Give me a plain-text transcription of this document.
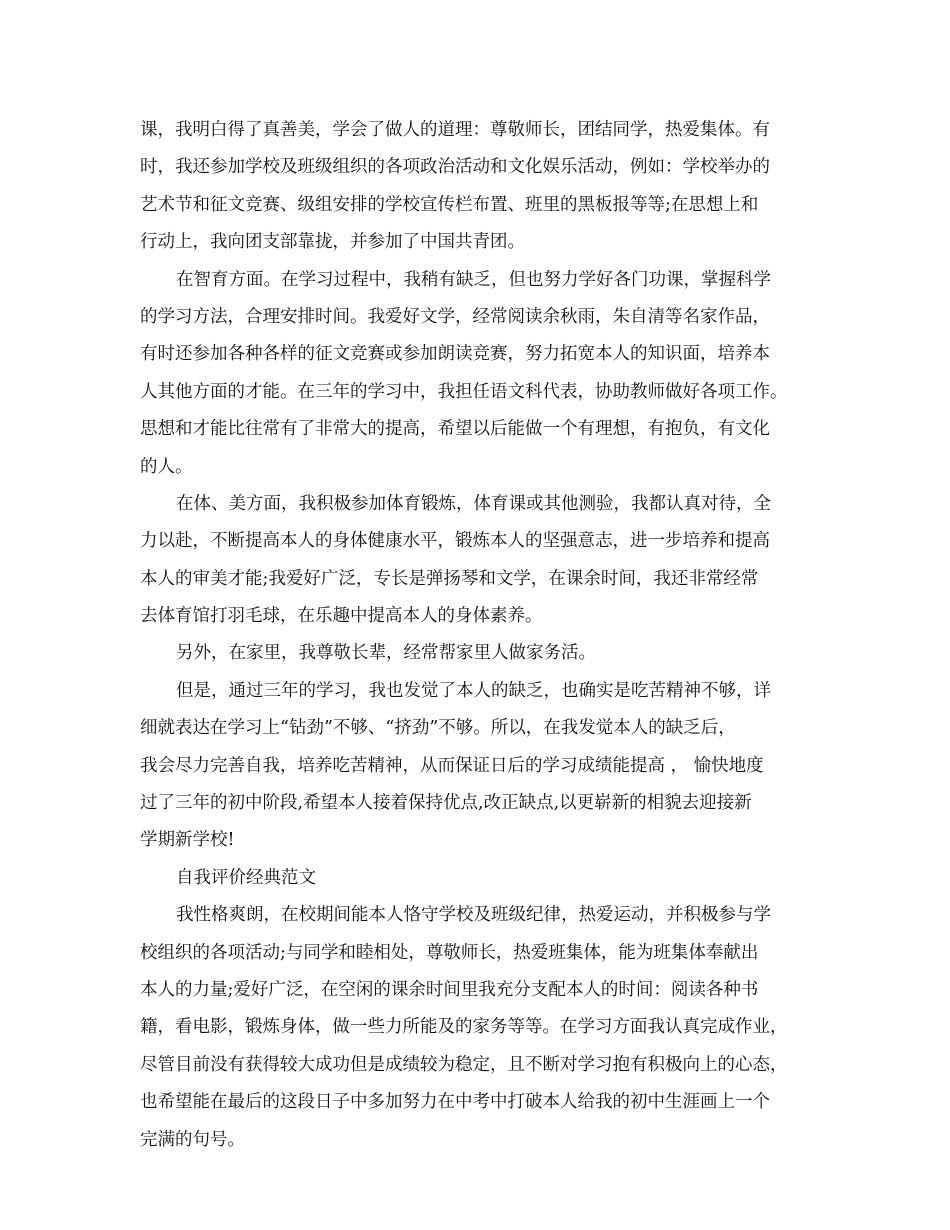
课，我明白得了真善美，学会了做人的道理：尊敬师长，团结同学，热爱集体。有
时，我还参加学校及班级组织的各项政治活动和文化娱乐活动，例如：学校举办的
艺术节和征文竞赛、级组安排的学校宣传栏布置、班里的黑板报等等;在思想上和
行动上，我向团支部靠拢，并参加了中国共青团。
在智育方面。在学习过程中，我稍有缺乏，但也努力学好各门功课，掌握科学
的学习方法，合理安排时间。我爱好文学，经常阅读余秋雨，朱自清等名家作品，
有时还参加各种各样的征文竞赛或参加朗读竞赛，努力拓宽本人的知识面，培养本
人其他方面的才能。在三年的学习中，我担任语文科代表，协助教师做好各项工作。
思想和才能比往常有了非常大的提高，希望以后能做一个有理想，有抱负，有文化
的人。
在体、美方面，我积极参加体育锻炼，体育课或其他测验，我都认真对待，全
力以赴，不断提高本人的身体健康水平，锻炼本人的坚强意志，进一步培养和提高
本人的审美才能;我爱好广泛，专长是弹扬琴和文学，在课余时间，我还非常经常
去体育馆打羽毛球，在乐趣中提高本人的身体素养。
另外，在家里，我尊敬长辈，经常帮家里人做家务活。
但是，通过三年的学习，我也发觉了本人的缺乏，也确实是吃苦精神不够，详
细就表达在学习上“钻劲”不够、“挤劲”不够。所以，在我发觉本人的缺乏后，
我会尽力完善自我，培养吃苦精神，从而保证日后的学习成绩能提高 ， 愉快地度
过了三年的初中阶段,希望本人接着保持优点,改正缺点,以更崭新的相貌去迎接新
学期新学校!
自我评价经典范文
我性格爽朗，在校期间能本人恪守学校及班级纪律，热爱运动，并积极参与学
校组织的各项活动;与同学和睦相处，尊敬师长，热爱班集体，能为班集体奉献出
本人的力量;爱好广泛，在空闲的课余时间里我充分支配本人的时间：阅读各种书
籍，看电影，锻炼身体，做一些力所能及的家务等等。在学习方面我认真完成作业，
尽管目前没有获得较大成功但是成绩较为稳定，且不断对学习抱有积极向上的心态，
也希望能在最后的这段日子中多加努力在中考中打破本人给我的初中生涯画上一个
完满的句号。
